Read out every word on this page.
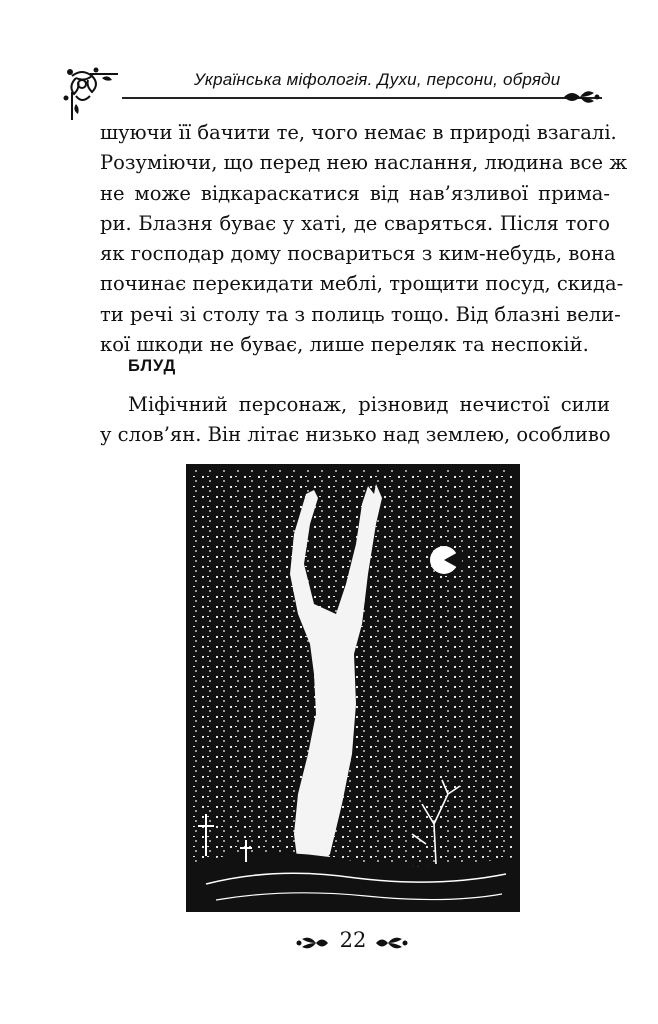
Українська міфологія. Духи, персони, обряди
шуючи її бачити те, чого немає в природі взагалі.
Розуміючи, що перед нею наслання, людина все ж
не може відкараскатися від нав’язливої прима-
ри. Блазня буває у хаті, де сваряться. Після того
як господар дому посвариться з ким-небудь, вона
починає перекидати меблі, трощити посуд, скида-
ти речі зі столу та з полиць тощо. Від блазні вели-
кої шкоди не буває, лише переляк та неспокій.
БЛУД
Міфічний персонаж, різновид нечистої сили
у слов’ян. Він літає низько над землею, особливо
22
